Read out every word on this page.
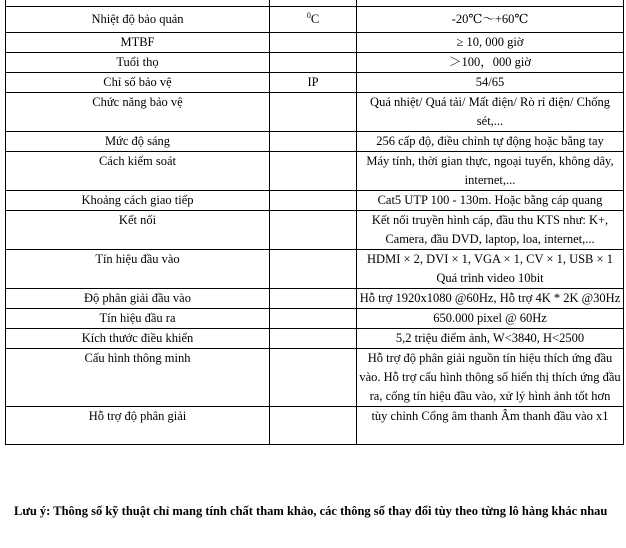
Nhiệt độ bảo quản	$^0$C	-20℃～+60℃
MTBF		≥ 10, 000 giờ
Tuổi thọ		＞100，000 giờ
Chỉ số bảo vệ	IP	54/65
Chức năng bảo vệ		Quá nhiệt/ Quá tải/ Mất điện/ Rò rỉ điện/ Chống sét,...
Mức độ sáng		256 cấp độ, điều chỉnh tự động hoặc bằng tay
Cách kiểm soát		Máy tính, thời gian thực, ngoại tuyến, không dây, internet,...
Khoảng cách giao tiếp		Cat5 UTP 100 - 130m. Hoặc bằng cáp quang
Kết nối		Kết nối truyền hình cáp, đầu thu KTS như: K+, Camera, đầu DVD, laptop, loa, internet,...
Tín hiệu đầu vào		HDMI × 2, DVI × 1, VGA × 1, CV × 1, USB × 1 Quá trình video 10bit
Độ phân giải đầu vào		Hỗ trợ 1920x1080 @60Hz, Hỗ trợ 4K * 2K @30Hz
Tín hiệu đầu ra		650.000 pixel @ 60Hz
Kích thước điều khiển		5,2 triệu điểm ảnh, W<3840, H<2500
Cấu hình thông minh		Hỗ trợ độ phân giải nguồn tín hiệu thích ứng đầu vào. Hỗ trợ cấu hình thông số hiển thị thích ứng đầu ra, cổng tín hiệu đầu vào, xử lý hình ảnh tốt hơn
Hỗ trợ độ phân giải		tùy chỉnh Cổng âm thanh Âm thanh đầu vào x1
Lưu ý: Thông số kỹ thuật chỉ mang tính chất tham khảo, các thông số thay đổi tùy theo từng lô hàng khác nhau
